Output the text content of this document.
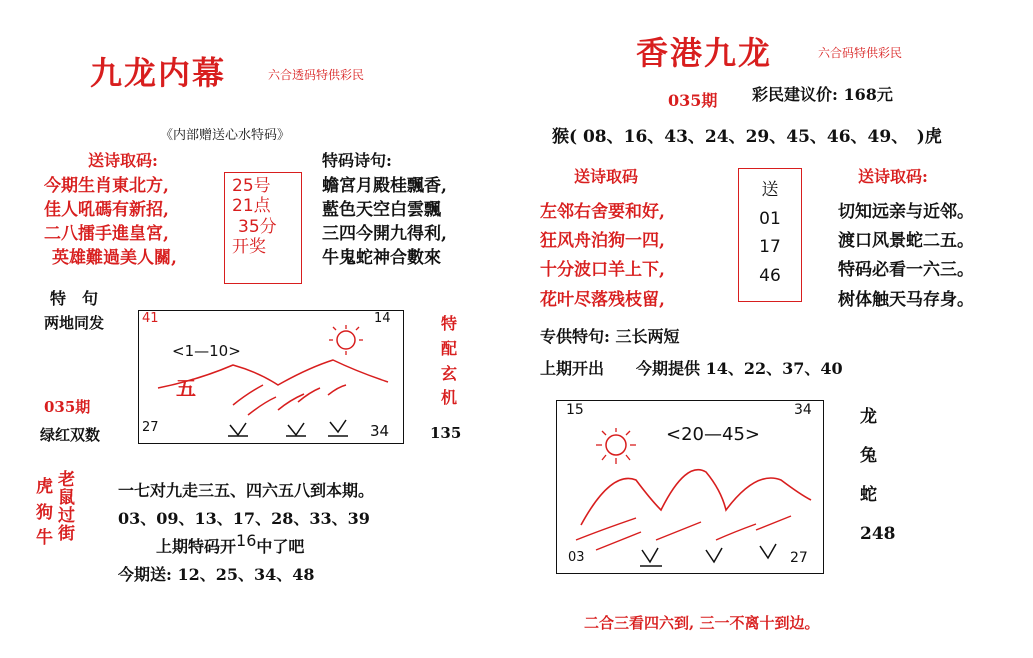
九龙内幕	六合透码特供彩民
《内部赠送心水特码》
送诗取码:
今期生肖東北方,
佳人吼碼有新招,
二八擂手進皇宮,
英雄難過美人關,
25号
21点
35分
开奖
特码诗句:
蟾宮月殿桂飄香,
藍色天空白雲飄
三四今開九得利,
牛鬼蛇神合數來
特　句
两地同发	41	14
<1—10>
五
27	34
特
配
玄
机
035期
绿红双数	135
虎
狗
牛
老
鼠
过
街
一七对九走三五、四六五八到本期。
03、09、13、17、28、33、39
上期特码开16中了吧
今期送: 12、25、34、48
香港九龙	六合码特供彩民
035期 彩民建议价: 168元
猴( 08、16、43、24、29、45、46、49、　)虎
送诗取码	送诗取码:
左邻右舍要和好,
狂风舟泊狗一四,
十分波口羊上下,
花叶尽落残枝留,
送
01
17
46
切知远亲与近邻。
渡口风景蛇二五。
特码必看一六三。
树体触天马存身。
专供特句: 三长两短
上期开出　　今期提供 14、22、37、40
15	34
<20—45>
03	27
龙
兔
蛇
248
二合三看四六到, 三一不离十到边。
